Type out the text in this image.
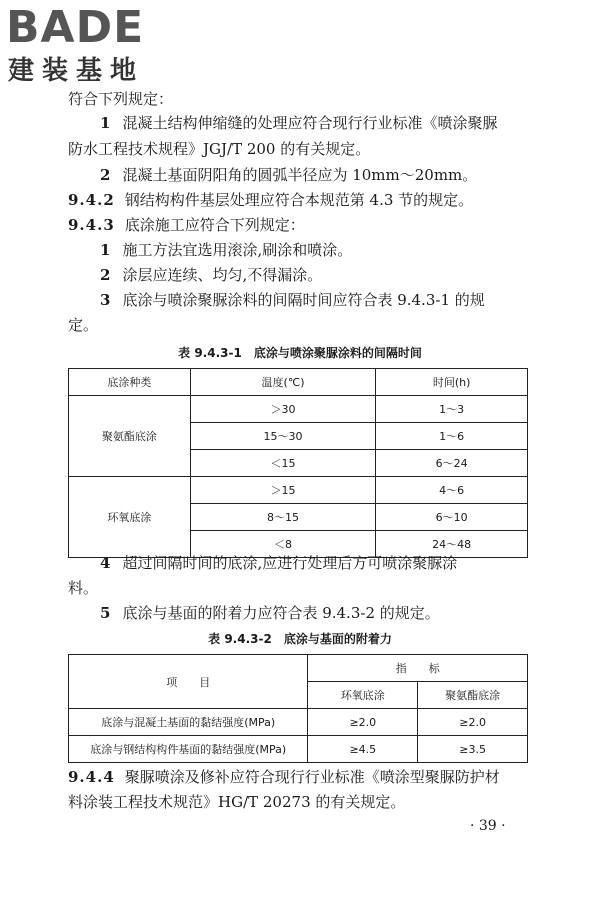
BADE
建装基地
符合下列规定：
1 混凝土结构伸缩缝的处理应符合现行行业标准《喷涂聚脲
防水工程技术规程》JGJ/T 200 的有关规定。
2 混凝土基面阴阳角的圆弧半径应为 10mm～20mm。
9.4.2 钢结构构件基层处理应符合本规范第 4.3 节的规定。
9.4.3 底涂施工应符合下列规定：
1 施工方法宜选用滚涂,刷涂和喷涂。
2 涂层应连续、均匀,不得漏涂。
3 底涂与喷涂聚脲涂料的间隔时间应符合表 9.4.3-1 的规
定。
表 9.4.3-1　底涂与喷涂聚脲涂料的间隔时间
底涂种类	温度(℃)	时间(h)
聚氨酯底涂	＞30	1～3
	15～30	1～6
	＜15	6～24
环氧底涂	＞15	4～6
	8～15	6～10
	＜8	24～48
4 超过间隔时间的底涂,应进行处理后方可喷涂聚脲涂
料。
5 底涂与基面的附着力应符合表 9.4.3-2 的规定。
表 9.4.3-2　底涂与基面的附着力
项　　目	指　　标	
	环氧底涂	聚氨酯底涂
底涂与混凝土基面的黏结强度(MPa)	≥2.0	≥2.0
底涂与钢结构构件基面的黏结强度(MPa)	≥4.5	≥3.5
9.4.4 聚脲喷涂及修补应符合现行行业标准《喷涂型聚脲防护材
料涂装工程技术规范》HG/T 20273 的有关规定。
· 39 ·
